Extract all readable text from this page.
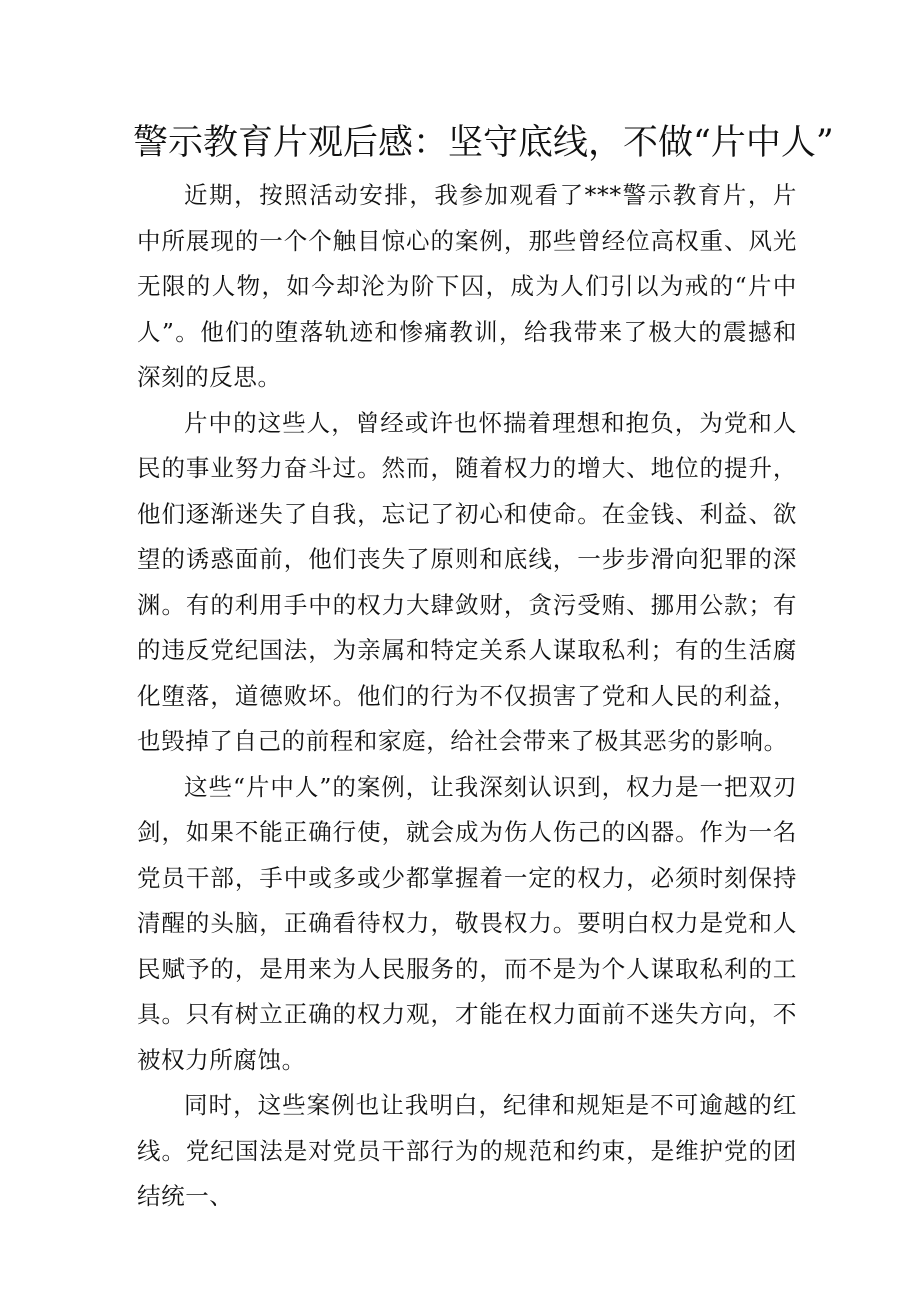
警示教育片观后感：坚守底线，不做“片中人”

近期，按照活动安排，我参加观看了***警示教育片，片中所展现的一个个触目惊心的案例，那些曾经位高权重、风光无限的人物，如今却沦为阶下囚，成为人们引以为戒的“片中人”。他们的堕落轨迹和惨痛教训，给我带来了极大的震撼和深刻的反思。

片中的这些人，曾经或许也怀揣着理想和抱负，为党和人民的事业努力奋斗过。然而，随着权力的增大、地位的提升，他们逐渐迷失了自我，忘记了初心和使命。在金钱、利益、欲望的诱惑面前，他们丧失了原则和底线，一步步滑向犯罪的深渊。有的利用手中的权力大肆敛财，贪污受贿、挪用公款；有的违反党纪国法，为亲属和特定关系人谋取私利；有的生活腐化堕落，道德败坏。他们的行为不仅损害了党和人民的利益，也毁掉了自己的前程和家庭，给社会带来了极其恶劣的影响。

这些“片中人”的案例，让我深刻认识到，权力是一把双刃剑，如果不能正确行使，就会成为伤人伤己的凶器。作为一名党员干部，手中或多或少都掌握着一定的权力，必须时刻保持清醒的头脑，正确看待权力，敬畏权力。要明白权力是党和人民赋予的，是用来为人民服务的，而不是为个人谋取私利的工具。只有树立正确的权力观，才能在权力面前不迷失方向，不被权力所腐蚀。

同时，这些案例也让我明白，纪律和规矩是不可逾越的红线。党纪国法是对党员干部行为的规范和约束，是维护党的团结统一、
